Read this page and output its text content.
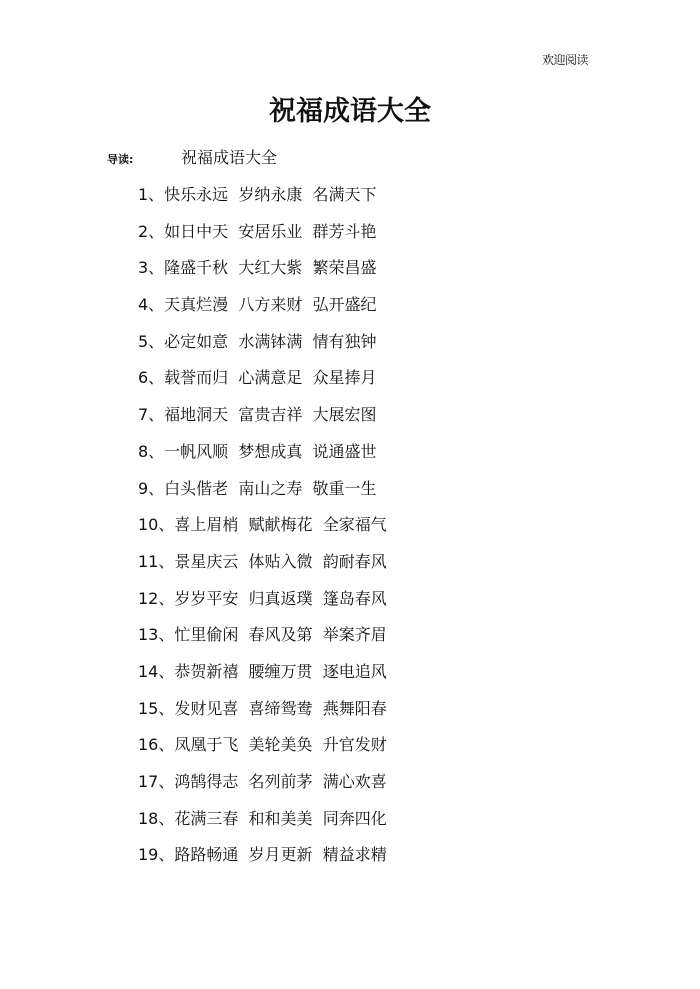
欢迎阅读
祝福成语大全
导读:	祝福成语大全
1、快乐永远  岁纳永康  名满天下
2、如日中天  安居乐业  群芳斗艳
3、隆盛千秋  大红大紫  繁荣昌盛
4、天真烂漫  八方来财  弘开盛纪
5、必定如意  水满钵满  情有独钟
6、载誉而归  心满意足  众星捧月
7、福地洞天  富贵吉祥  大展宏图
8、一帆风顺  梦想成真  说通盛世
9、白头偕老  南山之寿  敬重一生
10、喜上眉梢  赋献梅花  全家福气
11、景星庆云  体贴入微  韵耐春风
12、岁岁平安  归真返璞  篷岛春风
13、忙里偷闲  春风及第  举案齐眉
14、恭贺新禧  腰缠万贯  逐电追风
15、发财见喜  喜缔鸳鸯  燕舞阳春
16、凤凰于飞  美轮美奂  升官发财
17、鸿鹄得志  名列前茅  满心欢喜
18、花满三春  和和美美  同奔四化
19、路路畅通  岁月更新  精益求精
